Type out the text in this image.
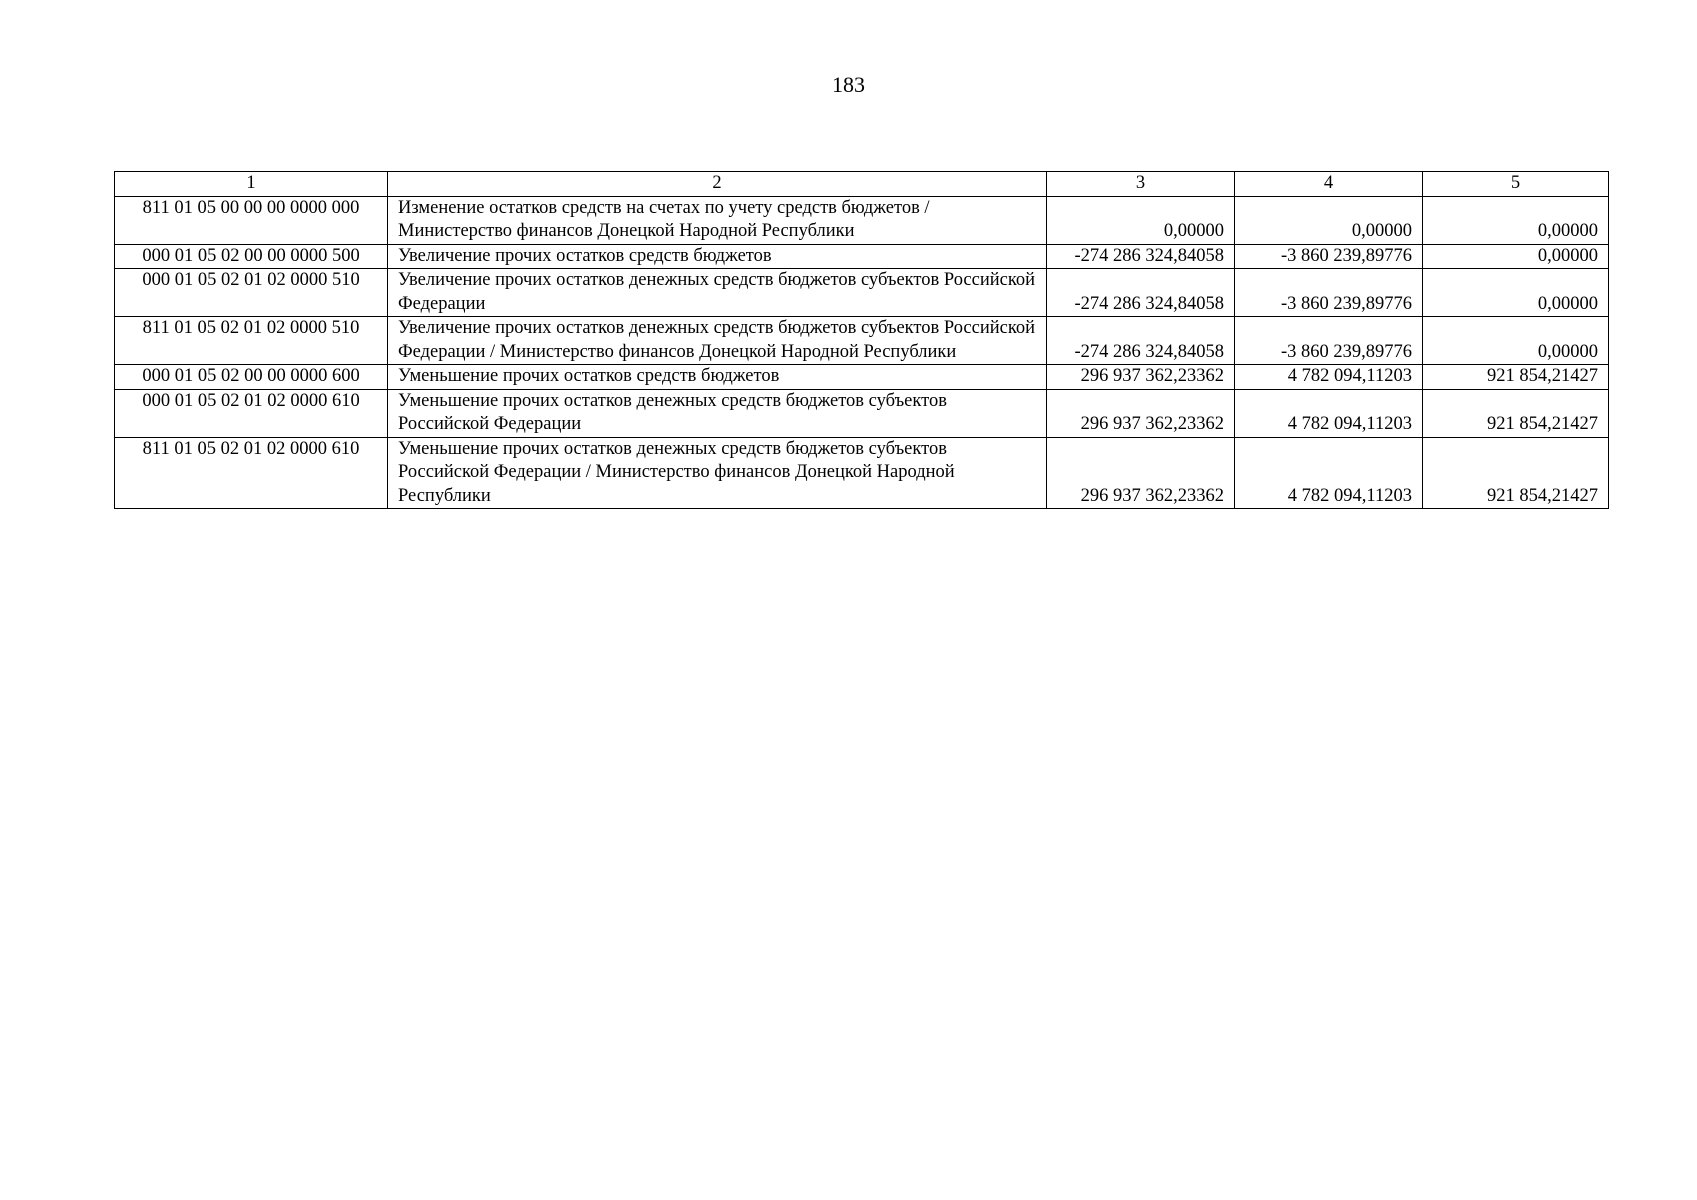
183
1	2	3	4	5
811 01 05 00 00 00 0000 000	Изменение остатков средств на счетах по учету средств бюджетов / Министерство финансов Донецкой Народной Республики	0,00000	0,00000	0,00000
000 01 05 02 00 00 0000 500	Увеличение прочих остатков средств бюджетов	-274 286 324,84058	-3 860 239,89776	0,00000
000 01 05 02 01 02 0000 510	Увеличение прочих остатков денежных средств бюджетов субъектов Российской Федерации	-274 286 324,84058	-3 860 239,89776	0,00000
811 01 05 02 01 02 0000 510	Увеличение прочих остатков денежных средств бюджетов субъектов Российской Федерации / Министерство финансов Донецкой Народной Республики	-274 286 324,84058	-3 860 239,89776	0,00000
000 01 05 02 00 00 0000 600	Уменьшение прочих остатков средств бюджетов	296 937 362,23362	4 782 094,11203	921 854,21427
000 01 05 02 01 02 0000 610	Уменьшение прочих остатков денежных средств бюджетов субъектов Российской Федерации	296 937 362,23362	4 782 094,11203	921 854,21427
811 01 05 02 01 02 0000 610	Уменьшение прочих остатков денежных средств бюджетов субъектов Российской Федерации / Министерство финансов Донецкой Народной Республики	296 937 362,23362	4 782 094,11203	921 854,21427
